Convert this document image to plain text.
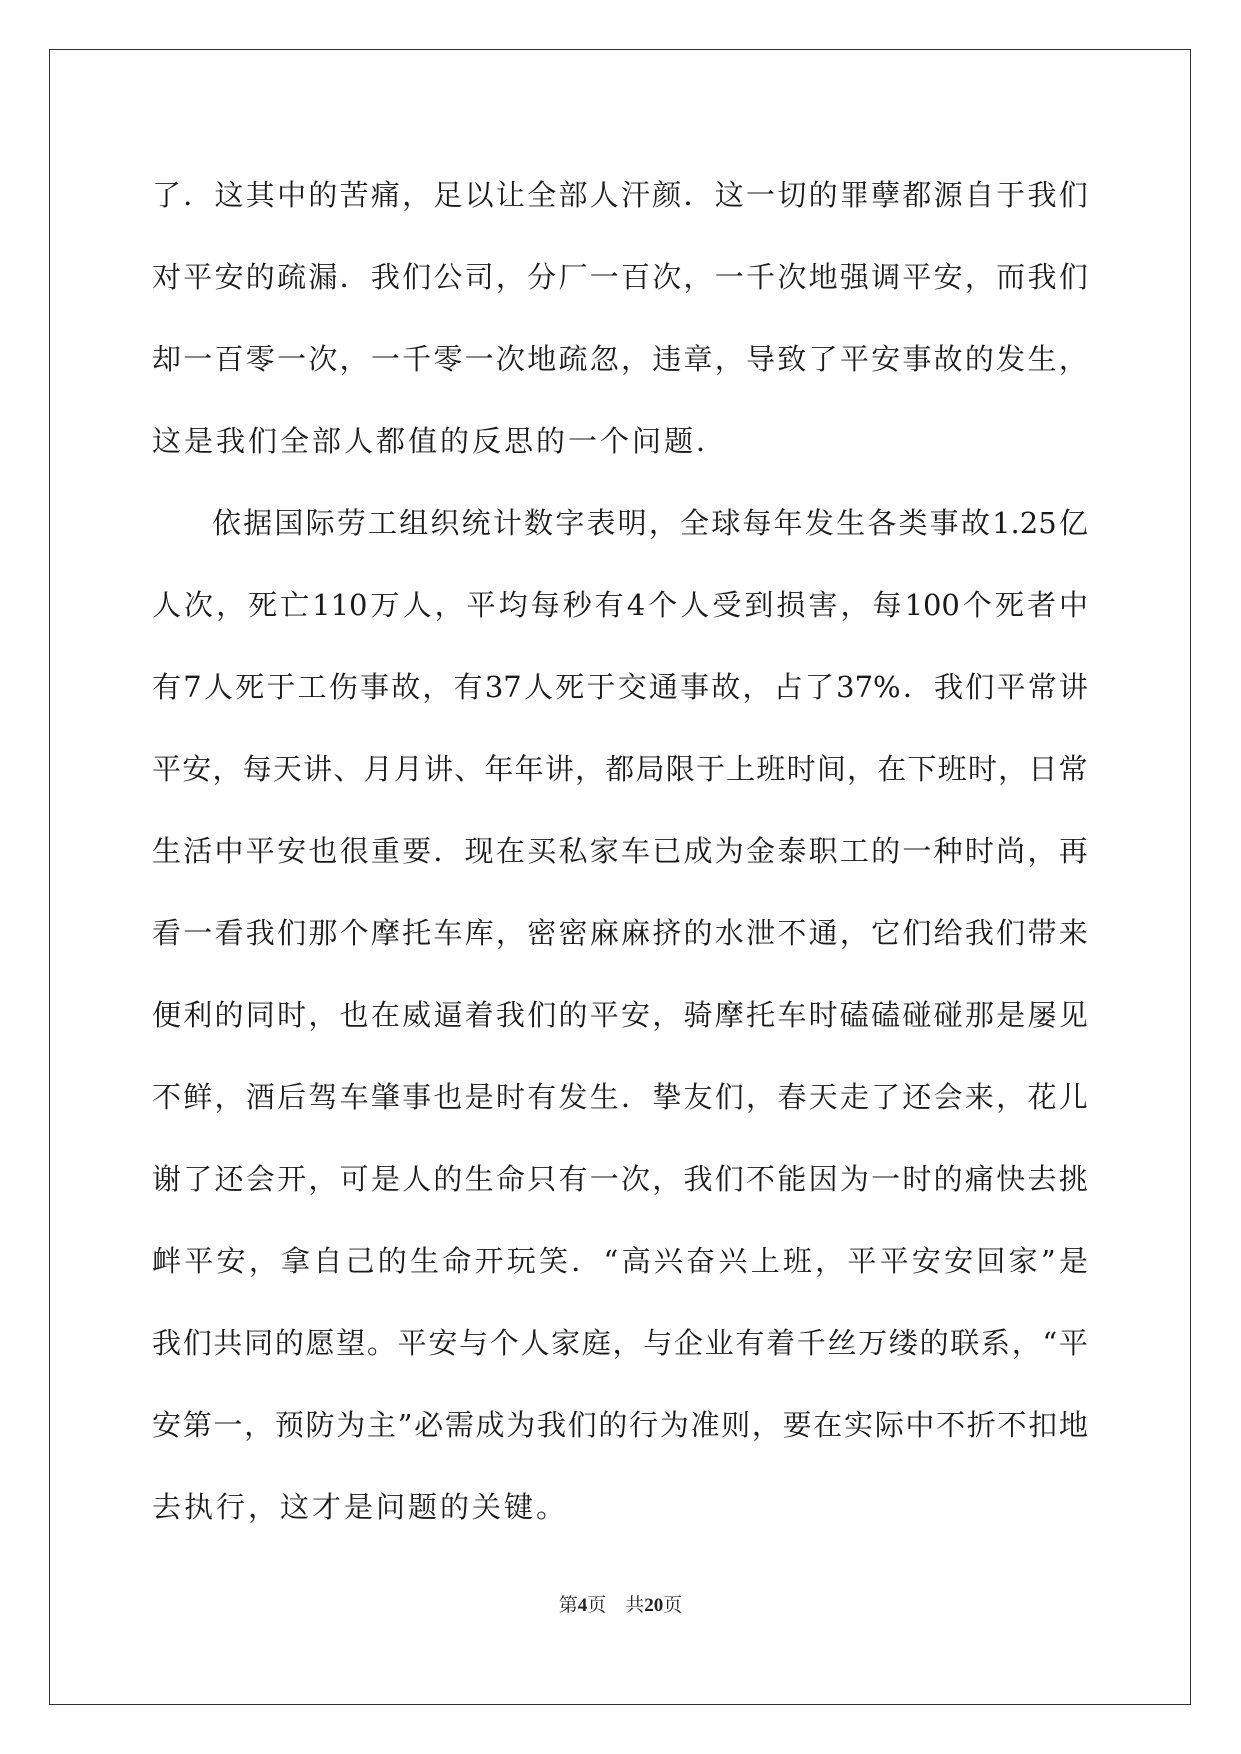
了 ． 这 其 中 的 苦 痛 ， 足 以 让 全 部 人 汗 颜 ． 这 一 切 的 罪 孽 都 源 自 于 我 们
对 平 安 的 疏 漏 ． 我 们 公 司 ， 分 厂 一 百 次 ， 一 千 次 地 强 调 平 安 ， 而 我 们
却 一 百 零 一 次 ， 一 千 零 一 次 地 疏 忽 ， 违 章 ， 导 致 了 平 安 事 故 的 发 生 ，
这是我们全部人都值的反思的一个问题．
依 据 国 际 劳 工 组 织 统 计 数 字 表 明 ， 全 球 每 年 发 生 各 类 事 故 1.25 亿
人 次 ， 死 亡 110 万 人 ， 平 均 每 秒 有 4 个 人 受 到 损 害 ， 每 100 个 死 者 中
有 7 人 死 于 工 伤 事 故 ， 有 37 人 死 于 交 通 事 故 ， 占 了 37% ． 我 们 平 常 讲
平 安 ， 每 天 讲 、 月 月 讲 、 年 年 讲 ， 都 局 限 于 上 班 时 间 ， 在 下 班 时 ， 日 常
生 活 中 平 安 也 很 重 要 ． 现 在 买 私 家 车 已 成 为 金 泰 职 工 的 一 种 时 尚 ， 再
看 一 看 我 们 那 个 摩 托 车 库 ， 密 密 麻 麻 挤 的 水 泄 不 通 ， 它 们 给 我 们 带 来
便 利 的 同 时 ， 也 在 威 逼 着 我 们 的 平 安 ， 骑 摩 托 车 时 磕 磕 碰 碰 那 是 屡 见
不 鲜 ， 酒 后 驾 车 肇 事 也 是 时 有 发 生 ． 挚 友 们 ， 春 天 走 了 还 会 来 ， 花 儿
谢 了 还 会 开 ， 可 是 人 的 生 命 只 有 一 次 ， 我 们 不 能 因 为 一 时 的 痛 快 去 挑
衅 平 安 ， 拿 自 己 的 生 命 开 玩 笑 ． “ 高 兴 奋 兴 上 班 ， 平 平 安 安 回 家 ” 是
我 们 共 同 的 愿 望 。 平 安 与 个 人 家 庭 ， 与 企 业 有 着 千 丝 万 缕 的 联 系 ， “ 平
安 第 一 ， 预 防 为 主 ” 必 需 成 为 我 们 的 行 为 准 则 ， 要 在 实 际 中 不 折 不 扣 地
去执行，这才是问题的关键。
第4页　共20页
